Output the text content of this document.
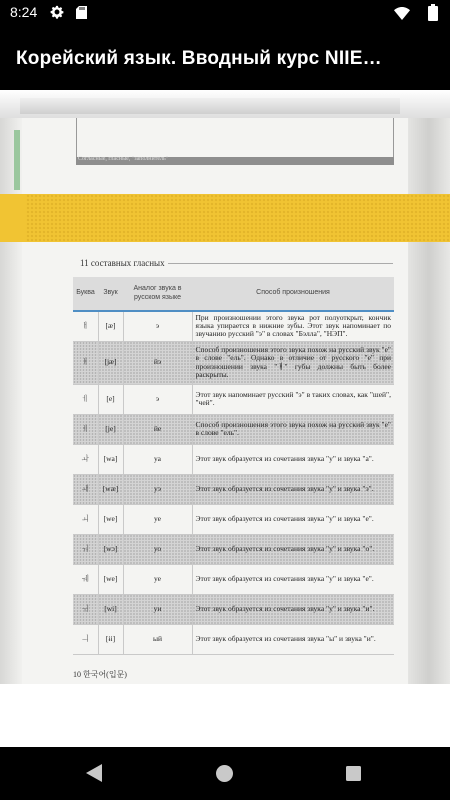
8:24
Корейский язык. Вводный курс NIIE…
Согласные, гласные, "заполнитель"
11 составных гласных
Буква	Звук	Аналог звука в русском языке	Способ произношения
ㅐ	[æ]	э	При произношении этого звука рот полуоткрыт, кончик языка упирается в нижние зубы. Этот звук напоминает по звучанию русский "э" в словах "Бэлла", "НЭП".
ㅒ	[jæ]	йэ	Способ произношения этого звука похож на русский звук "е" в слове "ель". Однако в отличие от русского "е" при произношении звука "ㅒ" губы должны быть более раскрыты.
ㅔ	[e]	э	Этот звук напоминает русский "э" в таких словах, как "шей", "чей".
ㅖ	[je]	йе	Способ произношения этого звука похож на русский звук "е" в слове "ель".
ㅘ	[wa]	уа	Этот звук образуется из сочетания звука "у" и звука "а".
ㅙ	[wæ]	уэ	Этот звук образуется из сочетания звука "у" и звука "э".
ㅚ	[we]	уе	Этот звук образуется из сочетания звука "у" и звука "е".
ㅝ	[wɔ]	уо	Этот звук образуется из сочетания звука "у" и звука "о".
ㅞ	[we]	уе	Этот звук образуется из сочетания звука "у" и звука "е".
ㅟ	[wi]	уи	Этот звук образуется из сочетания звука "у" и звука "и".
ㅢ	[ɨi]	ый	Этот звук образуется из сочетания звука "ы" и звука "и".
10 한국어(입문)
